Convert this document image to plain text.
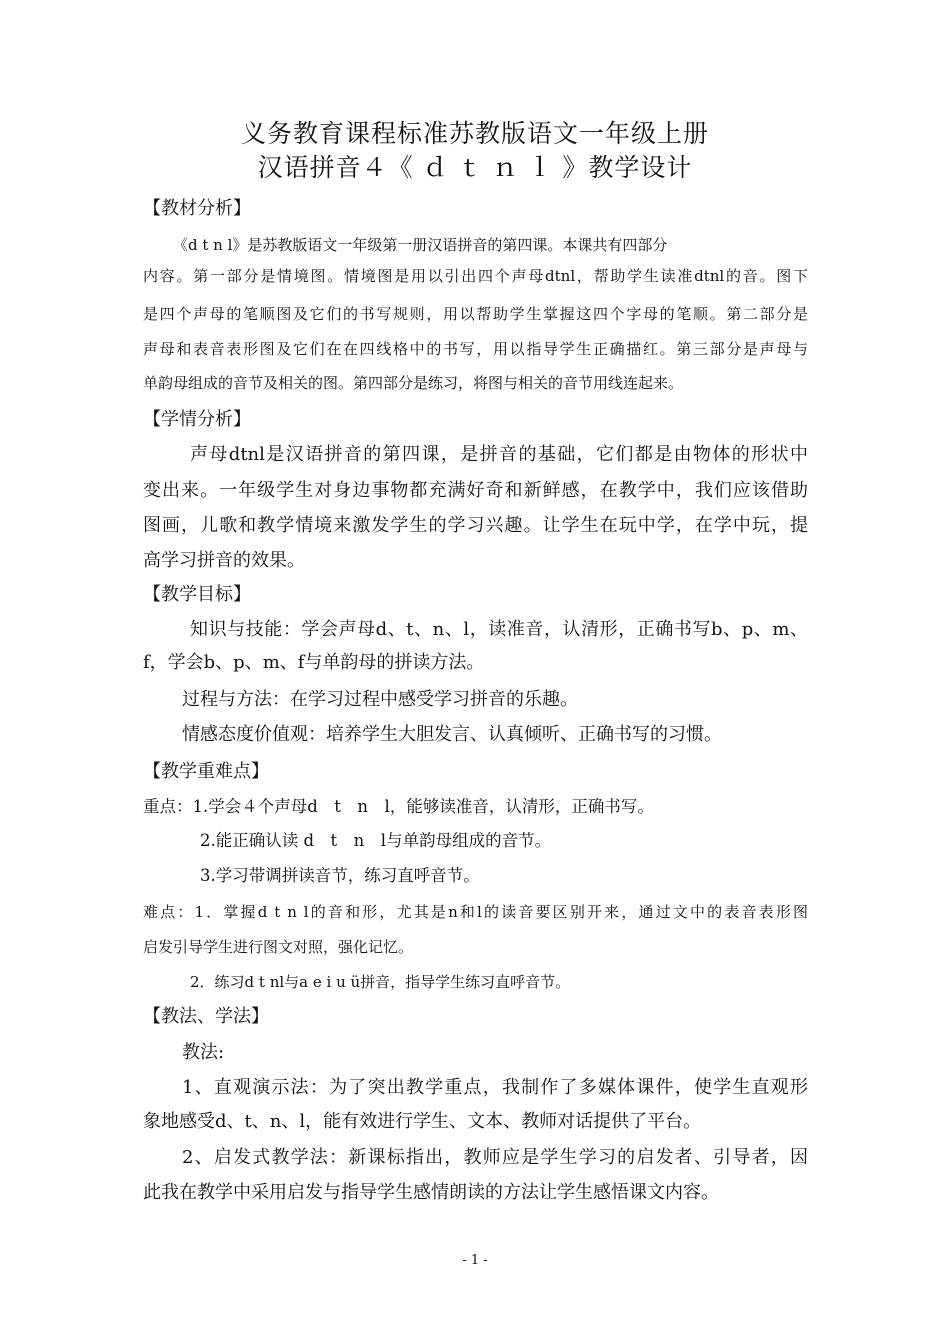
义务教育课程标准苏教版语文一年级上册
汉语拼音４《 ｄ ｔ ｎ ｌ 》教学设计
【教材分析】
《d t n l》是苏教版语文一年级第一册汉语拼音的第四课。本课共有四部分
内容。第一部分是情境图。情境图是用以引出四个声母dtnl，帮助学生读准dtnl的音。图下
是四个声母的笔顺图及它们的书写规则，用以帮助学生掌握这四个字母的笔顺。第二部分是
声母和表音表形图及它们在在四线格中的书写，用以指导学生正确描红。第三部分是声母与
单韵母组成的音节及相关的图。第四部分是练习，将图与相关的音节用线连起来。
【学情分析】
声母dtnl是汉语拼音的第四课，是拼音的基础，它们都是由物体的形状中
变出来。一年级学生对身边事物都充满好奇和新鲜感，在教学中，我们应该借助
图画，儿歌和教学情境来激发学生的学习兴趣。让学生在玩中学，在学中玩，提
高学习拼音的效果。
【教学目标】
知识与技能：学会声母d、t、n、l，读准音，认清形，正确书写b、p、m、
f，学会b、p、m、f与单韵母的拼读方法。
过程与方法：在学习过程中感受学习拼音的乐趣。
情感态度价值观：培养学生大胆发言、认真倾听、正确书写的习惯。
【教学重难点】
重点：1.学会４个声母d　t　n　l，能够读准音，认清形，正确书写。
2.能正确认读 d　t　n　l与单韵母组成的音节。
3.学习带调拼读音节，练习直呼音节。
难点：1．掌握d t n l的音和形，尤其是n和l的读音要区别开来，通过文中的表音表形图
启发引导学生进行图文对照，强化记忆。
2．练习d t nl与a e i u ü拼音，指导学生练习直呼音节。
【教法、学法】
教法:
1、直观演示法：为了突出教学重点，我制作了多媒体课件，使学生直观形
象地感受d、t、n、l，能有效进行学生、文本、教师对话提供了平台。
2、启发式教学法：新课标指出，教师应是学生学习的启发者、引导者，因
此我在教学中采用启发与指导学生感情朗读的方法让学生感悟课文内容。
- 1 -
